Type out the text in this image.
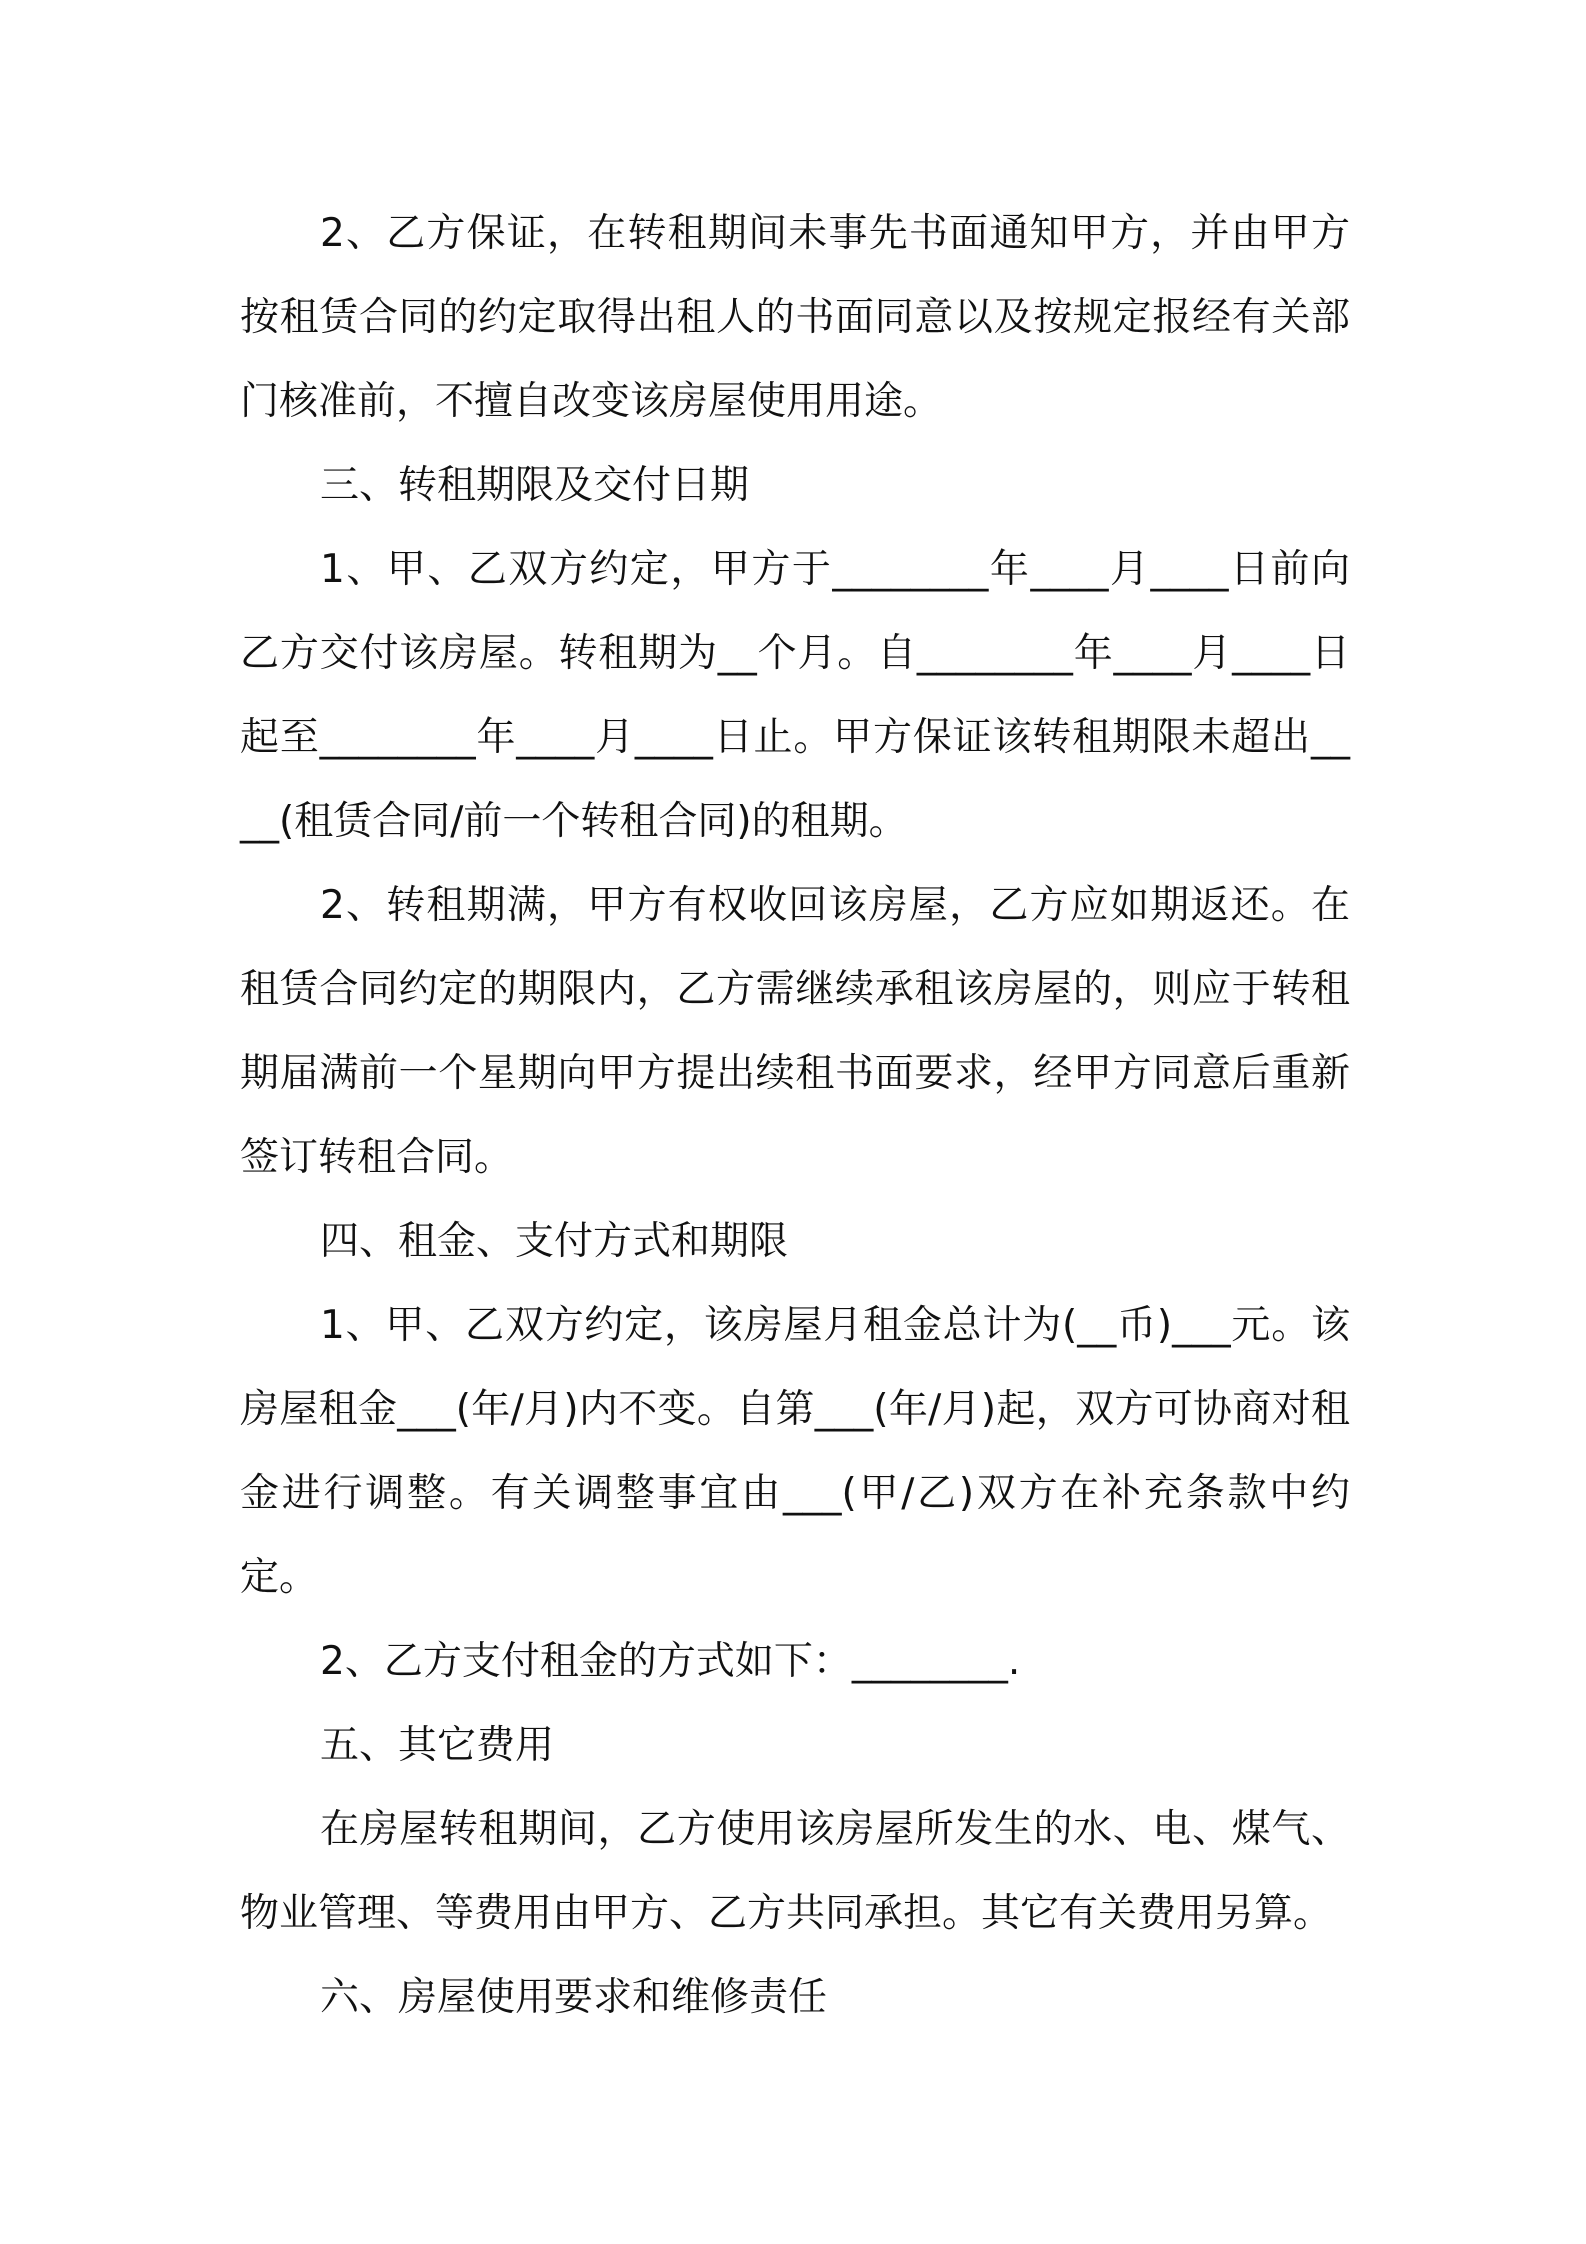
2、乙方保证，在转租期间未事先书面通知甲方，并由甲方按租赁合同的约定取得出租人的书面同意以及按规定报经有关部门核准前，不擅自改变该房屋使用用途。

三、转租期限及交付日期

1、甲、乙双方约定，甲方于________年____月____日前向乙方交付该房屋。转租期为__个月。自________年____月____日起至________年____月____日止。甲方保证该转租期限未超出____(租赁合同/前一个转租合同)的租期。

2、转租期满，甲方有权收回该房屋，乙方应如期返还。在租赁合同约定的期限内，乙方需继续承租该房屋的，则应于转租期届满前一个星期向甲方提出续租书面要求，经甲方同意后重新签订转租合同。

四、租金、支付方式和期限

1、甲、乙双方约定，该房屋月租金总计为(__币)___元。该房屋租金___(年/月)内不变。自第___(年/月)起，双方可协商对租金进行调整。有关调整事宜由___(甲/乙)双方在补充条款中约定。

2、乙方支付租金的方式如下：________.

五、其它费用

在房屋转租期间，乙方使用该房屋所发生的水、电、煤气、物业管理、等费用由甲方、乙方共同承担。其它有关费用另算。

六、房屋使用要求和维修责任
